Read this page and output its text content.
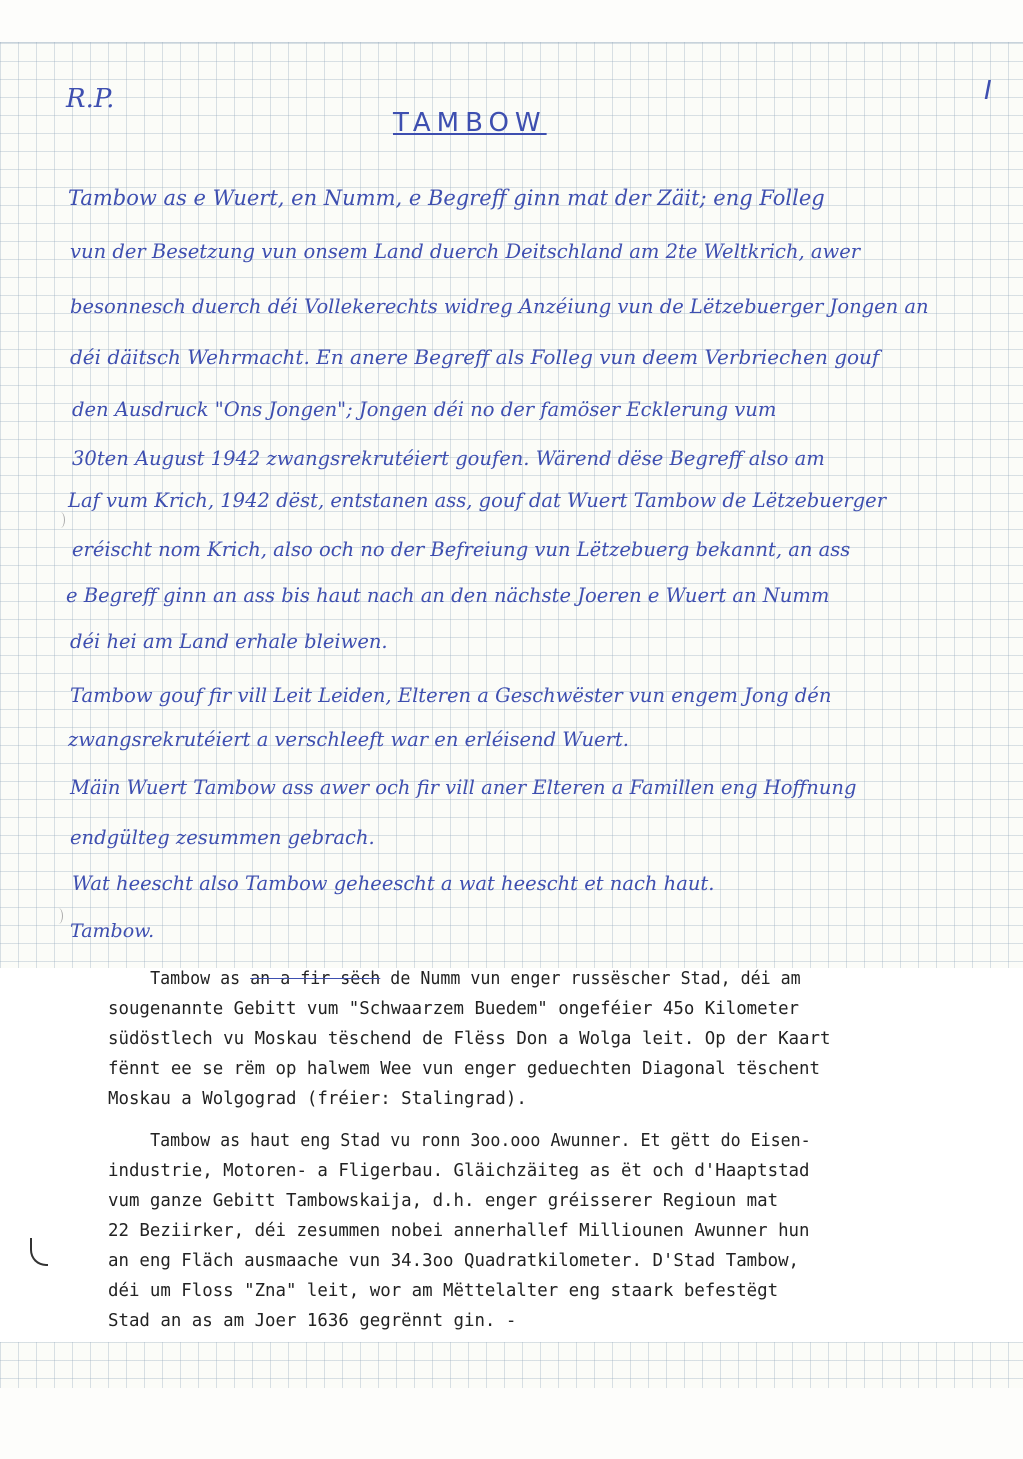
R.P.	I
TAMBOW
Tambow as e Wuert, en Numm, e Begreff ginn mat der Zäit; eng Folleg
vun der Besetzung vun onsem Land duerch Deitschland am 2te Weltkrich, awer
besonnesch duerch déi Vollekerechts widreg Anzéiung vun de Lëtzebuerger Jongen an
déi däitsch Wehrmacht. En anere Begreff als Folleg vun deem Verbriechen gouf
den Ausdruck "Ons Jongen"; Jongen déi no der famöser Ecklerung vum
30ten August 1942 zwangsrekrutéiert goufen. Wärend dëse Begreff also am
Laf vum Krich, 1942 dëst, entstanen ass, gouf dat Wuert Tambow de Lëtzebuerger
eréischt nom Krich, also och no der Befreiung vun Lëtzebuerg bekannt, an ass
e Begreff ginn an ass bis haut nach an den nächste Joeren e Wuert an Numm
déi hei am Land erhale bleiwen.
Tambow gouf fir vill Leit Leiden, Elteren a Geschwëster vun engem Jong dén
zwangsrekrutéiert a verschleeft war en erléisend Wuert.
Mäin Wuert Tambow ass awer och fir vill aner Elteren a Famillen eng Hoffnung
endgülteg zesummen gebrach.
Wat heescht also Tambow geheescht a wat heescht et nach haut.
Tambow.
Tambow as an a fir sëch de Numm vun enger russëscher Stad, déi am
sougenannte Gebitt vum "Schwaarzem Buedem" ongeféier 45o Kilometer
südöstlech vu Moskau tëschend de Flëss Don a Wolga leit. Op der Kaart
fënnt ee se rëm op halwem Wee vun enger geduechten Diagonal tëschent
Moskau a Wolgograd (fréier: Stalingrad).
Tambow as haut eng Stad vu ronn 3oo.ooo Awunner. Et gëtt do Eisen-
industrie, Motoren- a Fligerbau. Gläichzäiteg as ët och d'Haaptstad
vum ganze Gebitt Tambowskaija, d.h. enger gréisserer Regioun mat
22 Beziirker, déi zesummen nobei annerhallef Milliounen Awunner hun
an eng Fläch ausmaache vun 34.3oo Quadratkilometer. D'Stad Tambow,
déi um Floss "Zna" leit, wor am Mëttelalter eng staark befestëgt
Stad an as am Joer 1636 gegrënnt gin. -
